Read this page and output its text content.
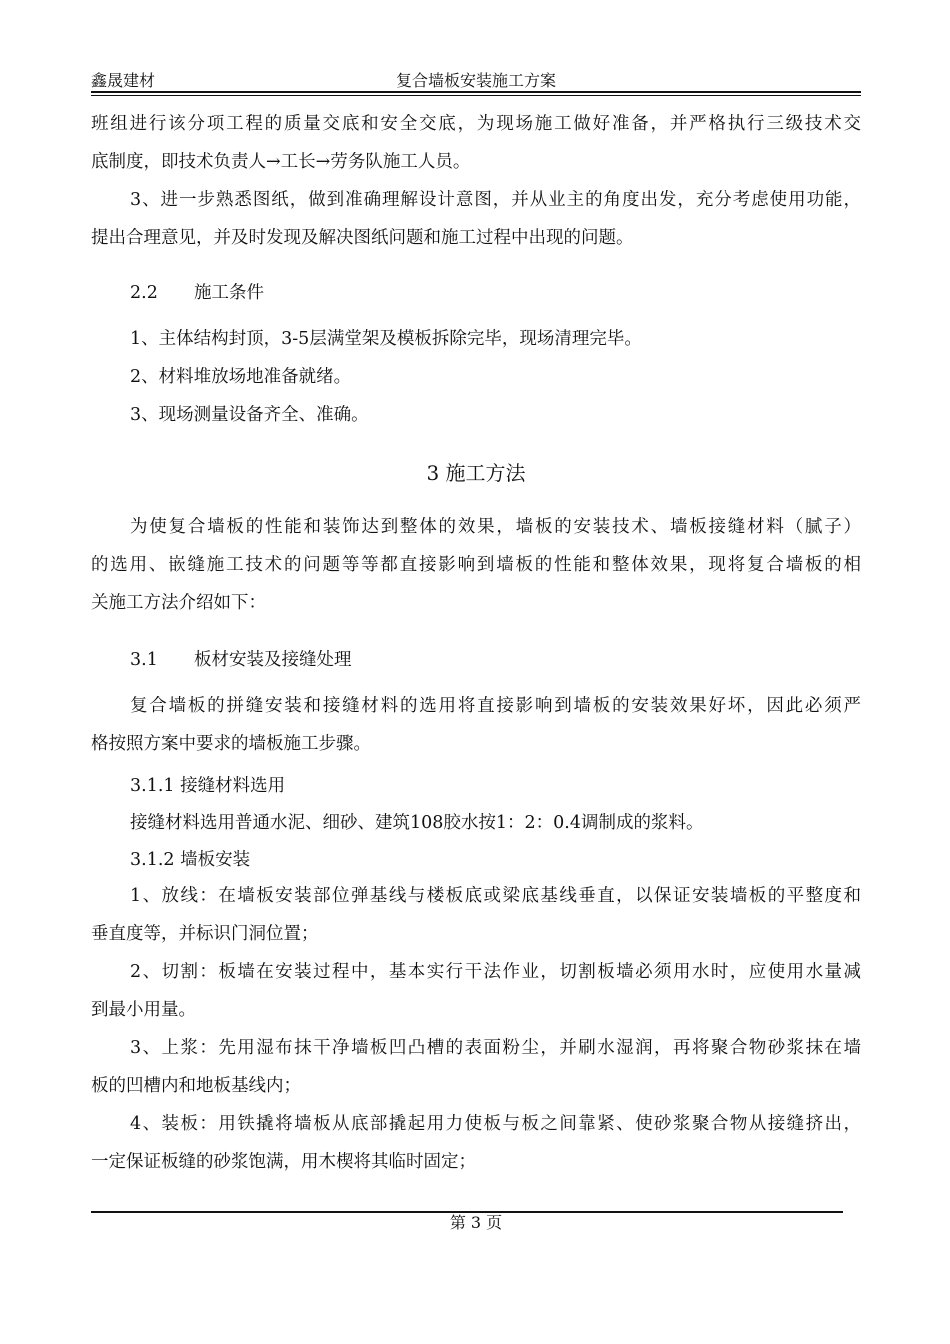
鑫晟建材	复合墙板安装施工方案
班组进行该分项工程的质量交底和安全交底，为现场施工做好准备，并严格执行三级技术交
底制度，即技术负责人→工长→劳务队施工人员。
3、进一步熟悉图纸，做到准确理解设计意图，并从业主的角度出发，充分考虑使用功能，
提出合理意见，并及时发现及解决图纸问题和施工过程中出现的问题。
2.2 施工条件
1、主体结构封顶，3-5层满堂架及模板拆除完毕，现场清理完毕。
2、材料堆放场地准备就绪。
3、现场测量设备齐全、准确。
3 施工方法
为使复合墙板的性能和装饰达到整体的效果，墙板的安装技术、墙板接缝材料（腻子）
的选用、嵌缝施工技术的问题等等都直接影响到墙板的性能和整体效果，现将复合墙板的相
关施工方法介绍如下：
3.1 板材安装及接缝处理
复合墙板的拼缝安装和接缝材料的选用将直接影响到墙板的安装效果好坏，因此必须严
格按照方案中要求的墙板施工步骤。
3.1.1 接缝材料选用
接缝材料选用普通水泥、细砂、建筑108胶水按1：2：0.4调制成的浆料。
3.1.2 墙板安装
1、放线：在墙板安装部位弹基线与楼板底或梁底基线垂直，以保证安装墙板的平整度和
垂直度等，并标识门洞位置；
2、切割：板墙在安装过程中，基本实行干法作业，切割板墙必须用水时，应使用水量减
到最小用量。
3、上浆：先用湿布抹干净墙板凹凸槽的表面粉尘，并刷水湿润，再将聚合物砂浆抹在墙
板的凹槽内和地板基线内；
4、装板：用铁撬将墙板从底部撬起用力使板与板之间靠紧、使砂浆聚合物从接缝挤出，
一定保证板缝的砂浆饱满，用木楔将其临时固定；
第 3 页
